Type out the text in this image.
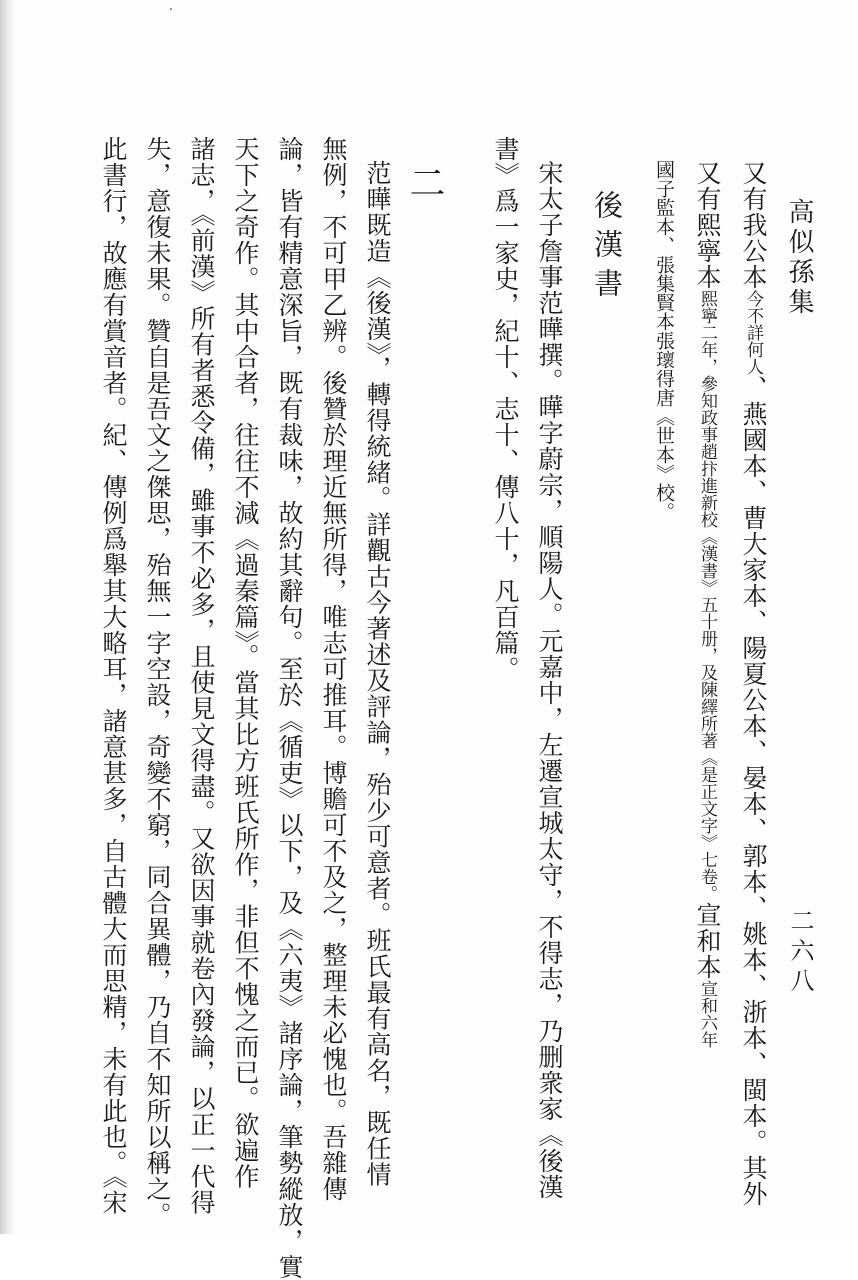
高似孫集
二六八
又有我公本今不詳何人、燕國本、曹大家本、陽夏公本、晏本、郭本、姚本、浙本、閩本。其外
又有熙寧本熙寧二年，參知政事趙抃進新校《漢書》五十册，及陳繹所著《是正文字》七卷。宣和本宣和六年
國子監本、張集賢本張瓌得唐《世本》校。
後漢書
宋太子詹事范曄撰。曄字蔚宗，順陽人。元嘉中，左遷宣城太守，不得志，乃删衆家《後漢
書》爲一家史，紀十、志十、傳八十，凡百篇。
二
范曄既造《後漢》，轉得統緒。詳觀古今著述及評論，殆少可意者。班氏最有高名，既任情
無例，不可甲乙辨。後贊於理近無所得，唯志可推耳。博贍可不及之，整理未必愧也。吾雜傳
論，皆有精意深旨，既有裁味，故約其辭句。至於《循吏》以下，及《六夷》諸序論，筆勢縱放，實
天下之奇作。其中合者，往往不減《過秦篇》。當其比方班氏所作，非但不愧之而已。欲遍作
諸志，《前漢》所有者悉令備，雖事不必多，且使見文得盡。又欲因事就卷內發論，以正一代得
失，意復未果。贊自是吾文之傑思，殆無一字空設，奇變不窮，同合異體，乃自不知所以稱之。
此書行，故應有賞音者。紀、傳例爲舉其大略耳，諸意甚多，自古體大而思精，未有此也。《宋
